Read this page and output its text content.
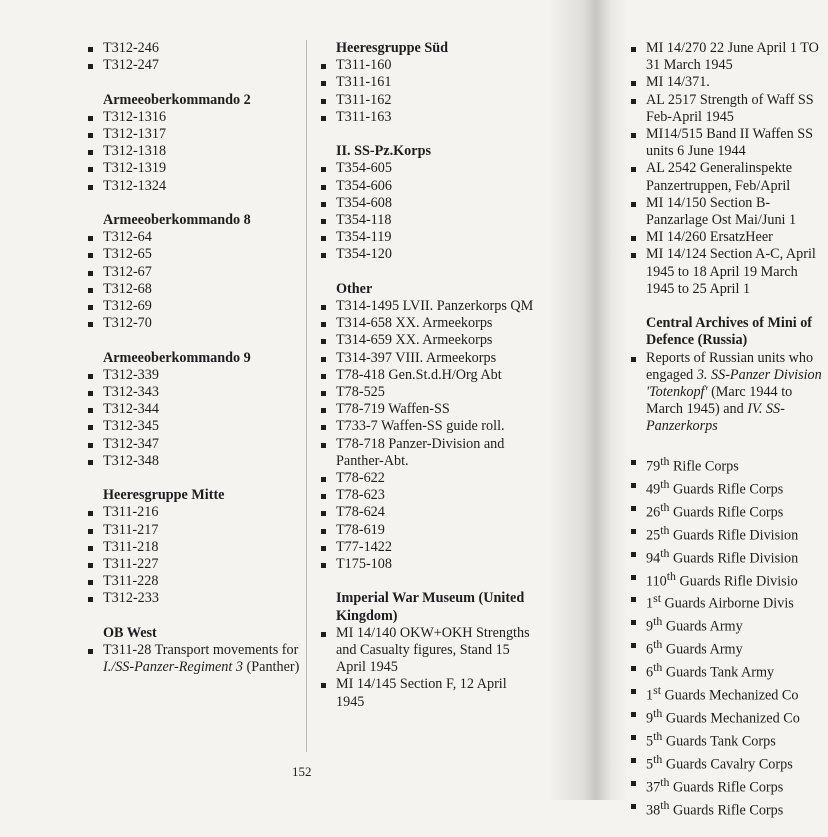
T312-246
T312-247

Armeeoberkommando 2

T312-1316
T312-1317
T312-1318
T312-1319
T312-1324

Armeeoberkommando 8

T312-64
T312-65
T312-67
T312-68
T312-69
T312-70

Armeeoberkommando 9

T312-339
T312-343
T312-344
T312-345
T312-347
T312-348

Heeresgruppe Mitte

T311-216
T311-217
T311-218
T311-227
T311-228
T312-233

OB West

T311-28 Transport movements for I./SS-Panzer-Regiment 3 (Panther)

Heeresgruppe Süd

T311-160
T311-161
T311-162
T311-163

II. SS-Pz.Korps

T354-605
T354-606
T354-608
T354-118
T354-119
T354-120

Other

T314-1495 LVII. Panzerkorps QM
T314-658 XX. Armeekorps
T314-659 XX. Armeekorps
T314-397 VIII. Armeekorps
T78-418 Gen.St.d.H/Org Abt
T78-525
T78-719 Waffen-SS
T733-7 Waffen-SS guide roll.
T78-718 Panzer-Division and Panther-Abt.
T78-622
T78-623
T78-624
T78-619
T77-1422
T175-108

Imperial War Museum (United Kingdom)

MI 14/140 OKW+OKH Strengths and Casualty figures, Stand 15 April 1945
MI 14/145 Section F, 12 April 1945
MI 14/270 22 June April 1 TO 31 March 1945
MI 14/371.
AL 2517 Strength of Waff SS Feb-April 1945
MI14/515 Band II Waffen SS units 6 June 1944
AL 2542 Generalinspekte Panzertruppen, Feb/April
MI 14/150 Section B-Panzarlage Ost Mai/Juni 1
MI 14/260 ErsatzHeer
MI 14/124 Section A-C, April 1945 to 18 April 19 March 1945 to 25 April 1

Central Archives of Mini of Defence (Russia)

Reports of Russian units who engaged 3. SS-Panzer Division 'Totenkopf' (Marc 1944 to March 1945) and IV. SS-Panzerkorps
79th Rifle Corps
49th Guards Rifle Corps
26th Guards Rifle Corps
25th Guards Rifle Division
94th Guards Rifle Division
110th Guards Rifle Divisio
1st Guards Airborne Divis
9th Guards Army
6th Guards Army
6th Guards Tank Army
1st Guards Mechanized Co
9th Guards Mechanized Co
5th Guards Tank Corps
5th Guards Cavalry Corps
37th Guards Rifle Corps
38th Guards Rifle Corps
152
